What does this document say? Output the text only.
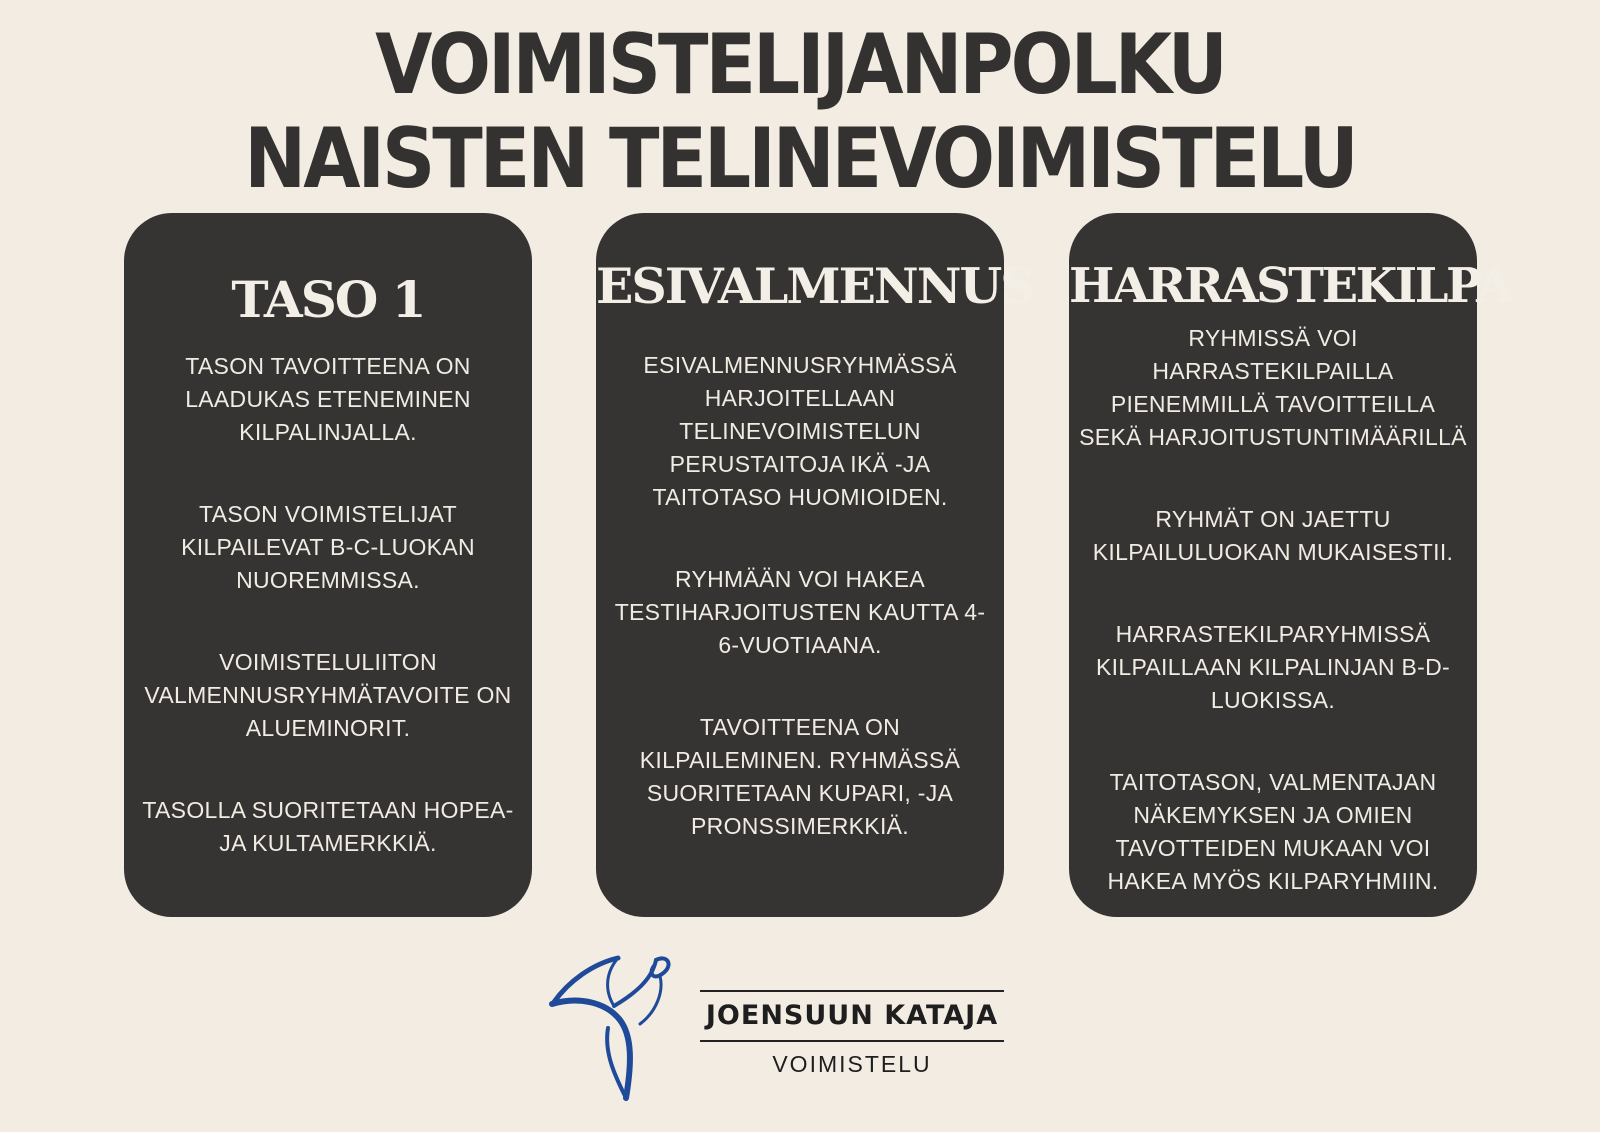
VOIMISTELIJANPOLKU
NAISTEN TELINEVOIMISTELU
TASO 1

TASON TAVOITTEENA ON LAADUKAS ETENEMINEN KILPALINJALLA.

TASON VOIMISTELIJAT KILPAILEVAT B-C-LUOKAN NUOREMMISSA.

VOIMISTELULIITON VALMENNUSRYHMÄTAVOITE ON ALUEMINORIT.

TASOLLA SUORITETAAN HOPEA- JA KULTAMERKKIÄ.

ESIVALMENNUS

ESIVALMENNUSRYHMÄSSÄ HARJOITELLAAN TELINEVOIMISTELUN PERUSTAITOJA IKÄ -JA TAITOTASO HUOMIOIDEN.

RYHMÄÄN VOI HAKEA TESTIHARJOITUSTEN KAUTTA 4-6-VUOTIAANA.

TAVOITTEENA ON KILPAILEMINEN. RYHMÄSSÄ SUORITETAAN KUPARI, -JA PRONSSIMERKKIÄ.

HARRASTEKILPA

RYHMISSÄ VOI HARRASTEKILPAILLA PIENEMMILLÄ TAVOITTEILLA SEKÄ HARJOITUSTUNTIMÄÄRILLÄ

RYHMÄT ON JAETTU KILPAILULUOKAN MUKAISESTII.

HARRASTEKILPARYHMISSÄ KILPAILLAAN KILPALINJAN B-D-LUOKISSA.

TAITOTASON, VALMENTAJAN NÄKEMYKSEN JA OMIEN TAVOTTEIDEN MUKAAN VOI HAKEA MYÖS KILPARYHMIIN.

JOENSUUN KATAJA
VOIMISTELU
